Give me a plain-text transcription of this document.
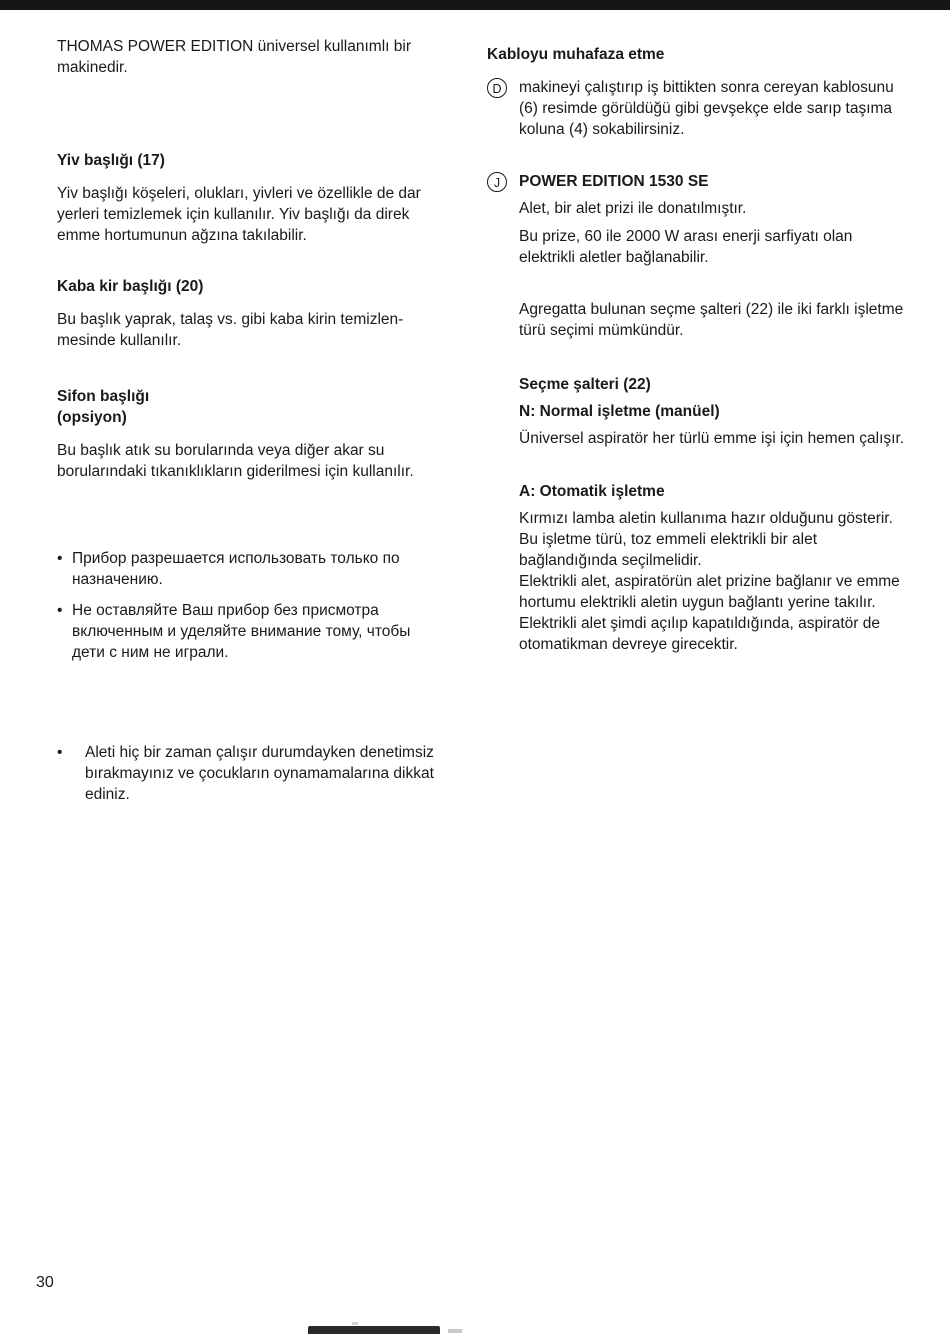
THOMAS POWER EDITION üniversel kullanımlı bir makinedir.

Yiv başlığı (17)

Yiv başlığı köşeleri, olukları, yivleri ve özellikle de dar yerleri temizlemek için kullanılır. Yiv başlığı da direk emme hortumunun ağzına takılabilir.

Kaba kir başlığı (20)

Bu başlık yaprak, talaş vs. gibi kaba kirin temizlen-mesinde kullanılır.

Sifon başlığı
(opsiyon)

Bu başlık atık su borularında veya diğer akar su borularındaki tıkanıklıkların giderilmesi için kullanılır.

• Прибор разрешается использовать только по назначению.
• Не оставляйте Ваш прибор без присмотра включенным и уделяйте внимание тому, чтобы дети с ним не играли.
• Aleti hiç bir zaman çalışır durumdayken denetimsiz bırakmayınız ve çocukların oynamamalarına dikkat ediniz.
Kabloyu muhafaza etme
D	makineyi çalıştırıp iş bittikten sonra cereyan kablosunu (6) resimde görüldüğü gibi gevşekçe elde sarıp taşıma koluna (4) sokabilirsiniz.

J	POWER EDITION 1530 SE

Alet, bir alet prizi ile donatılmıştır.

Bu prize, 60 ile 2000 W arası enerji sarfiyatı olan elektrikli aletler bağlanabilir.

Agregatta bulunan seçme şalteri (22) ile iki farklı işletme türü seçimi mümkündür.

Seçme şalteri (22)
N: Normal işletme (manüel)

Üniversel aspiratör her türlü emme işi için hemen çalışır.

A: Otomatik işletme

Kırmızı lamba aletin kullanıma hazır olduğunu gösterir.

Bu işletme türü, toz emmeli elektrikli bir alet bağlandığında seçilmelidir.

Elektrikli alet, aspiratörün alet prizine bağlanır ve emme hortumu elektrikli aletin uygun bağlantı yerine takılır. Elektrikli alet şimdi açılıp kapatıldığında, aspiratör de otomatikman devreye girecektir.

30
